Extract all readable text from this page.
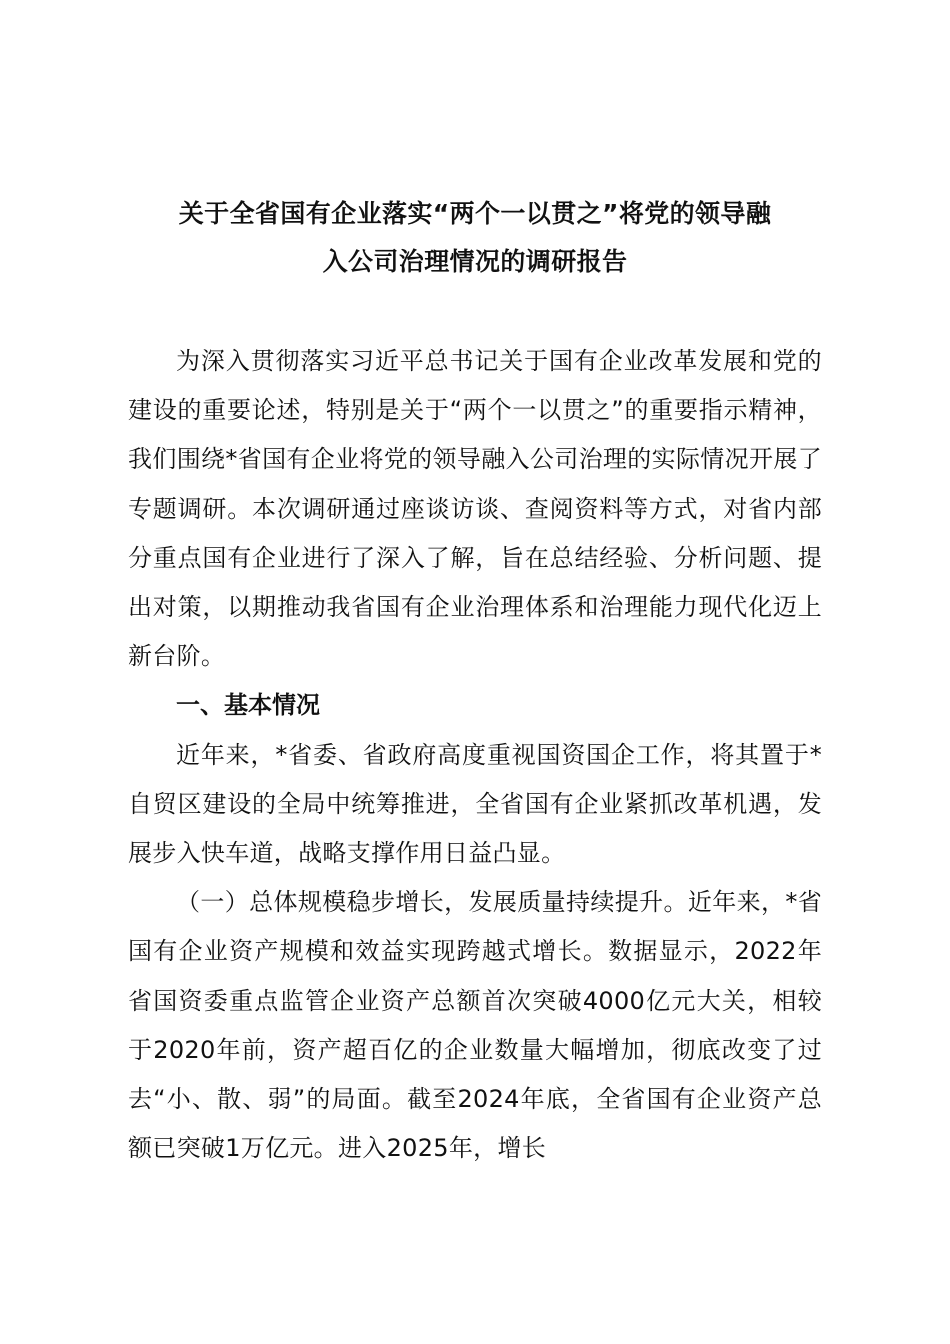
关于全省国有企业落实“两个一以贯之”将党的领导融
入公司治理情况的调研报告

为深入贯彻落实习近平总书记关于国有企业改革发展和党的建设的重要论述，特别是关于“两个一以贯之”的重要指示精神，我们围绕*省国有企业将党的领导融入公司治理的实际情况开展了专题调研。本次调研通过座谈访谈、查阅资料等方式，对省内部分重点国有企业进行了深入了解，旨在总结经验、分析问题、提出对策，以期推动我省国有企业治理体系和治理能力现代化迈上新台阶。

一、基本情况

近年来，*省委、省政府高度重视国资国企工作，将其置于*自贸区建设的全局中统筹推进，全省国有企业紧抓改革机遇，发展步入快车道，战略支撑作用日益凸显。

（一）总体规模稳步增长，发展质量持续提升。近年来，*省国有企业资产规模和效益实现跨越式增长。数据显示，2022年省国资委重点监管企业资产总额首次突破4000亿元大关，相较于2020年前，资产超百亿的企业数量大幅增加，彻底改变了过去“小、散、弱”的局面。截至2024年底，全省国有企业资产总额已突破1万亿元。进入2025年，增长
